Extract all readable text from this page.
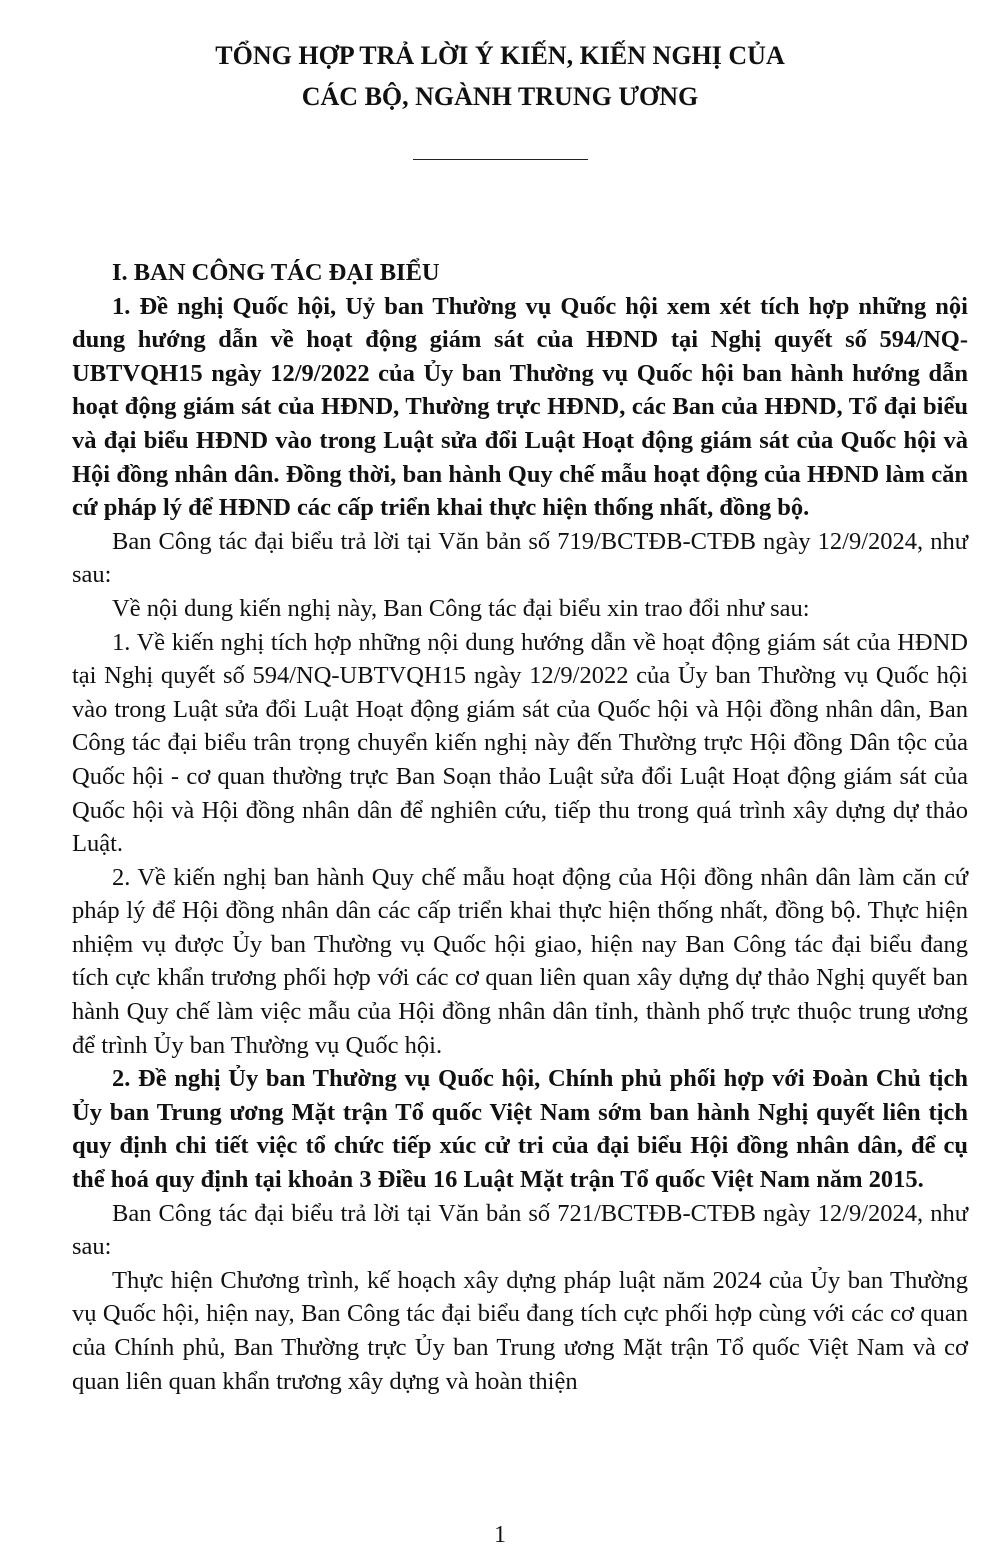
TỔNG HỢP TRẢ LỜI Ý KIẾN, KIẾN NGHỊ CỦA
CÁC BỘ, NGÀNH TRUNG ƯƠNG

I. BAN CÔNG TÁC ĐẠI BIỂU

1. Đề nghị Quốc hội, Uỷ ban Thường vụ Quốc hội xem xét tích hợp những nội dung hướng dẫn về hoạt động giám sát của HĐND tại Nghị quyết số 594/NQ-UBTVQH15 ngày 12/9/2022 của Ủy ban Thường vụ Quốc hội ban hành hướng dẫn hoạt động giám sát của HĐND, Thường trực HĐND, các Ban của HĐND, Tổ đại biểu và đại biểu HĐND vào trong Luật sửa đổi Luật Hoạt động giám sát của Quốc hội và Hội đồng nhân dân. Đồng thời, ban hành Quy chế mẫu hoạt động của HĐND làm căn cứ pháp lý để HĐND các cấp triển khai thực hiện thống nhất, đồng bộ.

Ban Công tác đại biểu trả lời tại Văn bản số 719/BCTĐB-CTĐB ngày 12/9/2024, như sau:

Về nội dung kiến nghị này, Ban Công tác đại biểu xin trao đổi như sau:

1. Về kiến nghị tích hợp những nội dung hướng dẫn về hoạt động giám sát của HĐND tại Nghị quyết số 594/NQ-UBTVQH15 ngày 12/9/2022 của Ủy ban Thường vụ Quốc hội vào trong Luật sửa đổi Luật Hoạt động giám sát của Quốc hội và Hội đồng nhân dân, Ban Công tác đại biểu trân trọng chuyển kiến nghị này đến Thường trực Hội đồng Dân tộc của Quốc hội - cơ quan thường trực Ban Soạn thảo Luật sửa đổi Luật Hoạt động giám sát của Quốc hội và Hội đồng nhân dân để nghiên cứu, tiếp thu trong quá trình xây dựng dự thảo Luật.

2. Về kiến nghị ban hành Quy chế mẫu hoạt động của Hội đồng nhân dân làm căn cứ pháp lý để Hội đồng nhân dân các cấp triển khai thực hiện thống nhất, đồng bộ. Thực hiện nhiệm vụ được Ủy ban Thường vụ Quốc hội giao, hiện nay Ban Công tác đại biểu đang tích cực khẩn trương phối hợp với các cơ quan liên quan xây dựng dự thảo Nghị quyết ban hành Quy chế làm việc mẫu của Hội đồng nhân dân tỉnh, thành phố trực thuộc trung ương để trình Ủy ban Thường vụ Quốc hội.

2. Đề nghị Ủy ban Thường vụ Quốc hội, Chính phủ phối hợp với Đoàn Chủ tịch Ủy ban Trung ương Mặt trận Tổ quốc Việt Nam sớm ban hành Nghị quyết liên tịch quy định chi tiết việc tổ chức tiếp xúc cử tri của đại biểu Hội đồng nhân dân, để cụ thể hoá quy định tại khoản 3 Điều 16 Luật Mặt trận Tổ quốc Việt Nam năm 2015.

Ban Công tác đại biểu trả lời tại Văn bản số 721/BCTĐB-CTĐB ngày 12/9/2024, như sau:

Thực hiện Chương trình, kế hoạch xây dựng pháp luật năm 2024 của Ủy ban Thường vụ Quốc hội, hiện nay, Ban Công tác đại biểu đang tích cực phối hợp cùng với các cơ quan của Chính phủ, Ban Thường trực Ủy ban Trung ương Mặt trận Tổ quốc Việt Nam và cơ quan liên quan khẩn trương xây dựng và hoàn thiện

1
